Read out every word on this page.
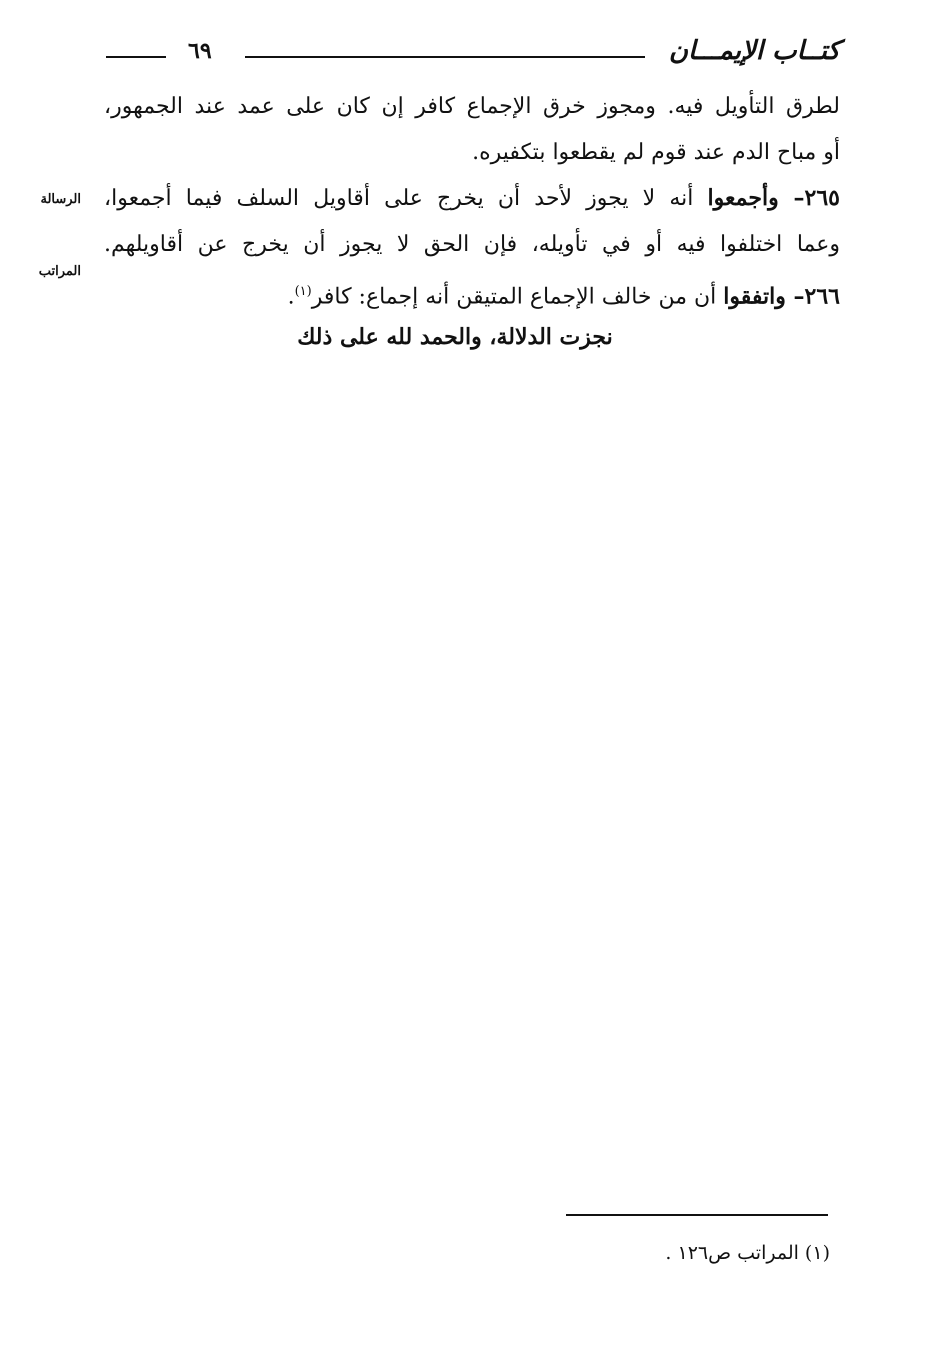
٦٩	كتــاب الإيمـــان
لطرق التأويل فيه. ومجوز خرق الإجماع كافر إن كان على عمد عند الجمهور،
أو مباح الدم عند قوم لم يقطعوا بتكفيره.
٢٦٥– وأجمعوا أنه لا يجوز لأحد أن يخرج على أقاويل السلف فيما أجمعوا،
وعما اختلفوا فيه أو في تأويله، فإن الحق لا يجوز أن يخرج عن أقاويلهم.
٢٦٦– واتفقوا أن من خالف الإجماع المتيقن أنه إجماع: كافر$^{(١)}$.
نجزت الدلالة، والحمد لله على ذلك
الرسالة
المراتب
(١) المراتب ص١٢٦ .
